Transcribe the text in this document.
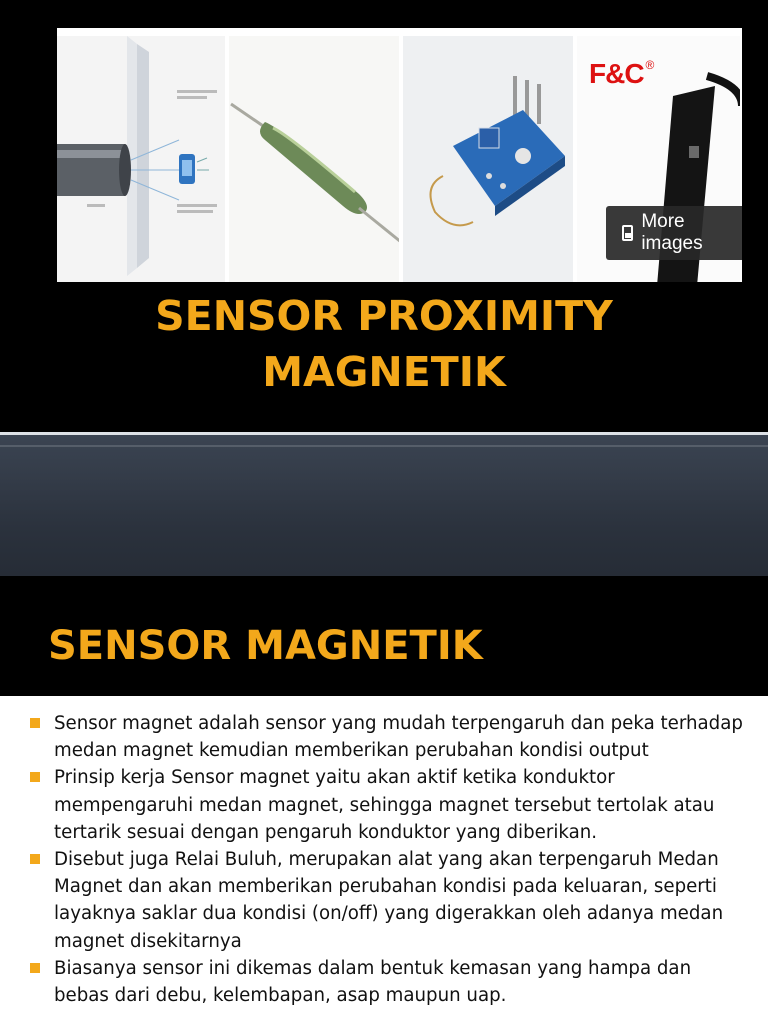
F&C ®
More images
SENSOR PROXIMITY
MAGNETIK
SENSOR MAGNETIK
Sensor magnet adalah sensor yang mudah terpengaruh dan peka terhadap medan magnet kemudian memberikan perubahan kondisi output
Prinsip kerja Sensor magnet yaitu akan aktif ketika konduktor mempengaruhi medan magnet, sehingga magnet tersebut tertolak atau tertarik sesuai dengan pengaruh konduktor yang diberikan.
Disebut juga Relai Buluh, merupakan alat yang akan terpengaruh Medan Magnet dan akan memberikan perubahan kondisi pada keluaran, seperti layaknya saklar dua kondisi (on/off) yang digerakkan oleh adanya medan magnet disekitarnya
Biasanya sensor ini dikemas dalam bentuk kemasan yang hampa dan bebas dari debu, kelembapan, asap maupun uap.
